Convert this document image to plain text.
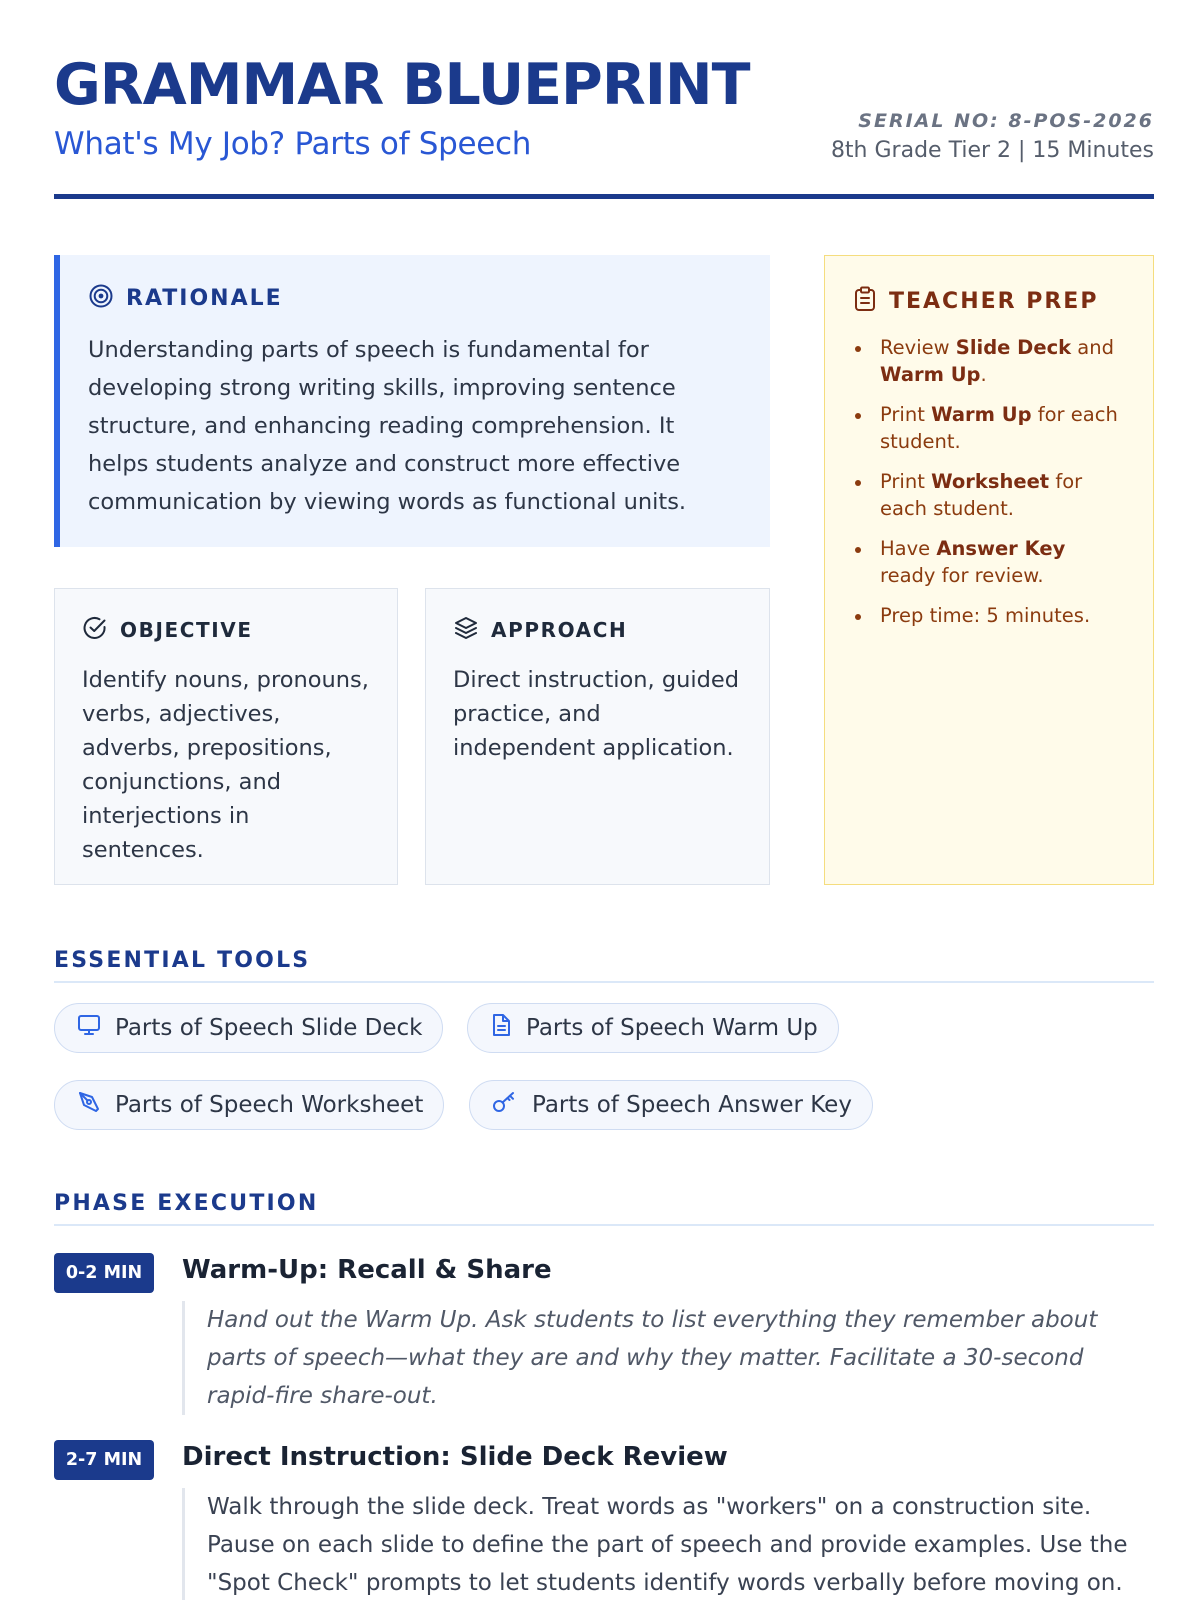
GRAMMAR BLUEPRINT
What's My Job? Parts of Speech
SERIAL NO: 8-POS-2026
8th Grade Tier 2 | 15 Minutes
RATIONALE
Understanding parts of speech is fundamental for developing strong writing skills, improving sentence structure, and enhancing reading comprehension. It helps students analyze and construct more effective communication by viewing words as functional units.
OBJECTIVE
Identify nouns, pronouns, verbs, adjectives, adverbs, prepositions, conjunctions, and interjections in sentences.
APPROACH
Direct instruction, guided practice, and independent application.
TEACHER PREP
Review Slide Deck and Warm Up.
Print Warm Up for each student.
Print Worksheet for each student.
Have Answer Key ready for review.
Prep time: 5 minutes.
ESSENTIAL TOOLS
Parts of Speech Slide Deck	Parts of Speech Warm Up
Parts of Speech Worksheet	Parts of Speech Answer Key
PHASE EXECUTION
0-2 MIN	Warm-Up: Recall & Share
Hand out the Warm Up. Ask students to list everything they remember about parts of speech—what they are and why they matter. Facilitate a 30-second rapid-fire share-out.
2-7 MIN	Direct Instruction: Slide Deck Review
Walk through the slide deck. Treat words as "workers" on a construction site. Pause on each slide to define the part of speech and provide examples. Use the "Spot Check" prompts to let students identify words verbally before moving on.
